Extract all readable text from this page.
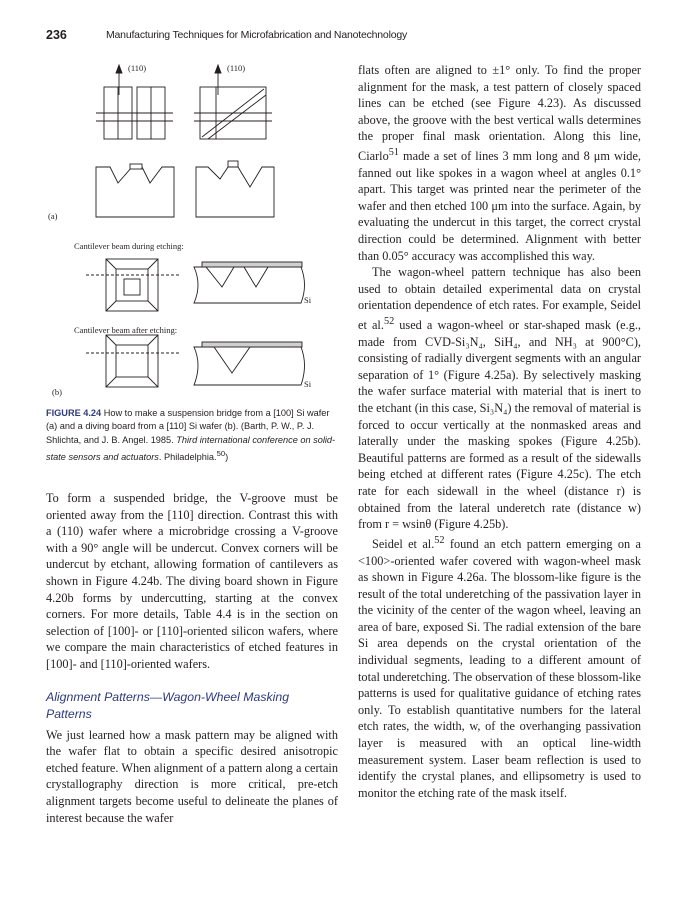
236	Manufacturing Techniques for Microfabrication and Nanotechnology
(110)	(110)
(a)
Cantilever beam during etching:
Si
Cantilever beam after etching:
(b)
Si
FIGURE 4.24 How to make a suspension bridge from a [100] Si wafer (a) and a diving board from a [110] Si wafer (b). (Barth, P. W., P. J. Shlichta, and J. B. Angel. 1985. Third international conference on solid-state sensors and actuators. Philadelphia.$^{50}$)

To form a suspended bridge, the V-groove must be oriented away from the [110] direction. Contrast this with a (110) wafer where a microbridge crossing a V-groove with a 90° angle will be undercut. Convex corners will be undercut by etchant, allowing formation of cantilevers as shown in Figure 4.24b. The diving board shown in Figure 4.20b forms by undercutting, starting at the convex corners. For more details, Table 4.4 is in the section on selection of [100]- or [110]-oriented silicon wafers, where we compare the main characteristics of etched features in [100]- and [110]-oriented wafers.

Alignment Patterns—Wagon-Wheel Masking Patterns

We just learned how a mask pattern may be aligned with the wafer flat to obtain a specific desired anisotropic etched feature. When alignment of a pattern along a certain crystallography direction is more critical, pre-etch alignment targets become useful to delineate the planes of interest because the wafer

flats often are aligned to ±1° only. To find the proper alignment for the mask, a test pattern of closely spaced lines can be etched (see Figure 4.23). As discussed above, the groove with the best vertical walls determines the proper final mask orientation. Along this line, Ciarlo$^{51}$ made a set of lines 3 mm long and 8 μm wide, fanned out like spokes in a wagon wheel at angles 0.1° apart. This target was printed near the perimeter of the wafer and then etched 100 μm into the surface. Again, by evaluating the undercut in this target, the correct crystal direction could be determined. Alignment with better than 0.05° accuracy was accomplished this way.

The wagon-wheel pattern technique has also been used to obtain detailed experimental data on crystal orientation dependence of etch rates. For example, Seidel et al.$^{52}$ used a wagon-wheel or star-shaped mask (e.g., made from CVD-Si₃N₄, SiH₄, and NH₃ at 900°C), consisting of radially divergent segments with an angular separation of 1° (Figure 4.25a). By selectively masking the wafer surface material with material that is inert to the etchant (in this case, Si₃N₄) the removal of material is forced to occur vertically at the nonmasked areas and laterally under the masking spokes (Figure 4.25b). Beautiful patterns are formed as a result of the sidewalls being etched at different rates (Figure 4.25c). The etch rate for each sidewall in the wheel (distance r) is obtained from the lateral underetch rate (distance w) from r = wsinθ (Figure 4.25b).

Seidel et al.$^{52}$ found an etch pattern emerging on a <100>-oriented wafer covered with wagon-wheel mask as shown in Figure 4.26a. The blossom-like figure is the result of the total underetching of the passivation layer in the vicinity of the center of the wagon wheel, leaving an area of bare, exposed Si. The radial extension of the bare Si area depends on the crystal orientation of the individual segments, leading to a different amount of total underetching. The observation of these blossom-like patterns is used for qualitative guidance of etching rates only. To establish quantitative numbers for the lateral etch rates, the width, w, of the overhanging passivation layer is measured with an optical line-width measurement system. Laser beam reflection is used to identify the crystal planes, and ellipsometry is used to monitor the etching rate of the mask itself.
